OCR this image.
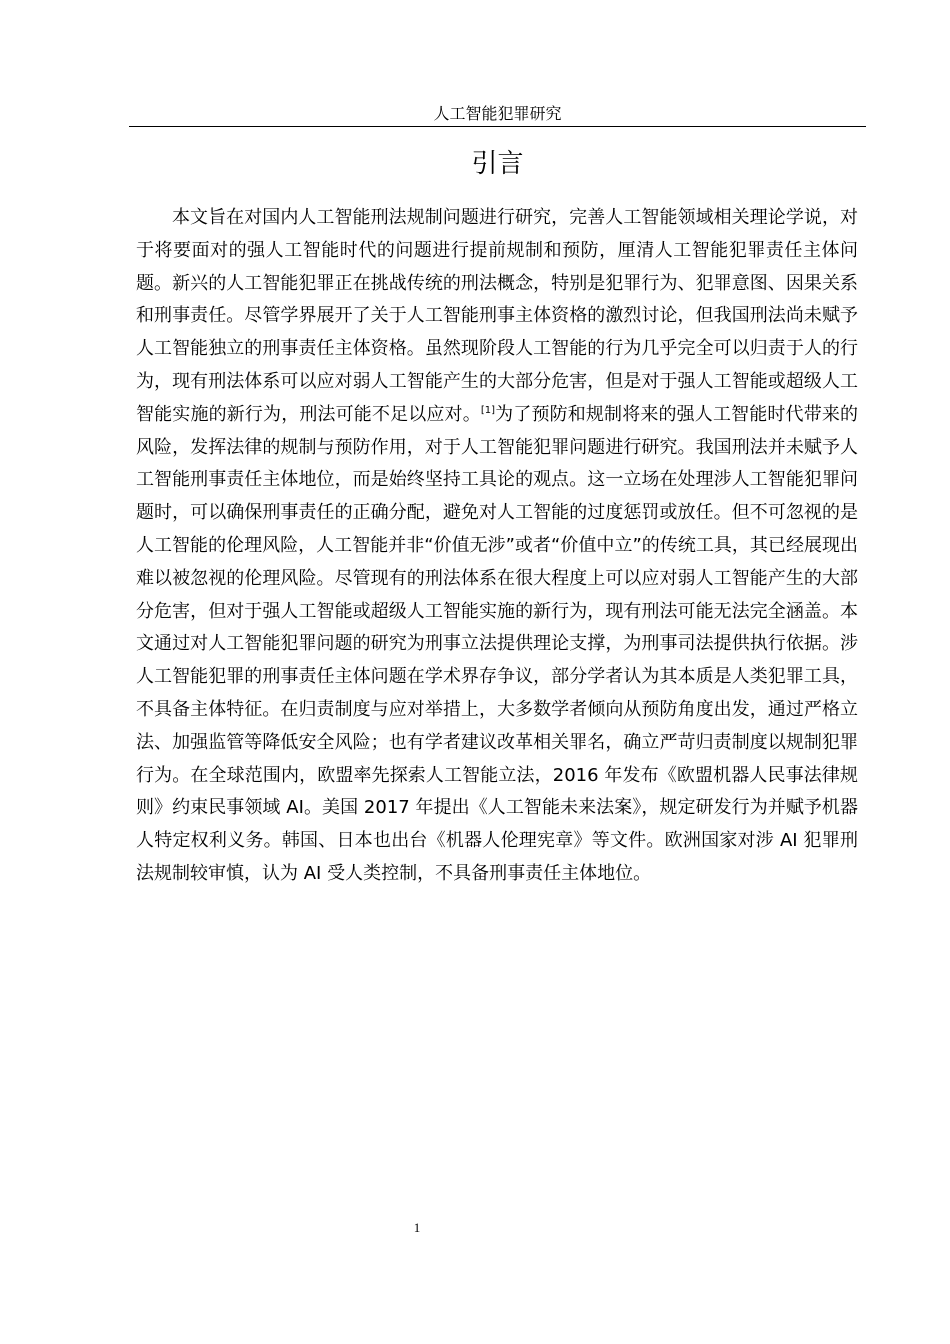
人工智能犯罪研究
引言

本文旨在对国内人工智能刑法规制问题进行研究，完善人工智能领域相关理论学说，对于将要面对的强人工智能时代的问题进行提前规制和预防，厘清人工智能犯罪责任主体问题。新兴的人工智能犯罪正在挑战传统的刑法概念，特别是犯罪行为、犯罪意图、因果关系和刑事责任。尽管学界展开了关于人工智能刑事主体资格的激烈讨论，但我国刑法尚未赋予人工智能独立的刑事责任主体资格。虽然现阶段人工智能的行为几乎完全可以归责于人的行为，现有刑法体系可以应对弱人工智能产生的大部分危害，但是对于强人工智能或超级人工智能实施的新行为，刑法可能不足以应对。[1]为了预防和规制将来的强人工智能时代带来的风险，发挥法律的规制与预防作用，对于人工智能犯罪问题进行研究。我国刑法并未赋予人工智能刑事责任主体地位，而是始终坚持工具论的观点。这一立场在处理涉人工智能犯罪问题时，可以确保刑事责任的正确分配，避免对人工智能的过度惩罚或放任。但不可忽视的是人工智能的伦理风险，人工智能并非“价值无涉”或者“价值中立”的传统工具，其已经展现出难以被忽视的伦理风险。尽管现有的刑法体系在很大程度上可以应对弱人工智能产生的大部分危害，但对于强人工智能或超级人工智能实施的新行为，现有刑法可能无法完全涵盖。本文通过对人工智能犯罪问题的研究为刑事立法提供理论支撑，为刑事司法提供执行依据。涉人工智能犯罪的刑事责任主体问题在学术界存争议，部分学者认为其本质是人类犯罪工具，不具备主体特征。在归责制度与应对举措上，大多数学者倾向从预防角度出发，通过严格立法、加强监管等降低安全风险；也有学者建议改革相关罪名，确立严苛归责制度以规制犯罪行为。在全球范围内，欧盟率先探索人工智能立法，2016 年发布《欧盟机器人民事法律规则》约束民事领域 AI。美国 2017 年提出《人工智能未来法案》，规定研发行为并赋予机器人特定权利义务。韩国、日本也出台《机器人伦理宪章》等文件。欧洲国家对涉 AI 犯罪刑法规制较审慎，认为 AI 受人类控制，不具备刑事责任主体地位。

1
